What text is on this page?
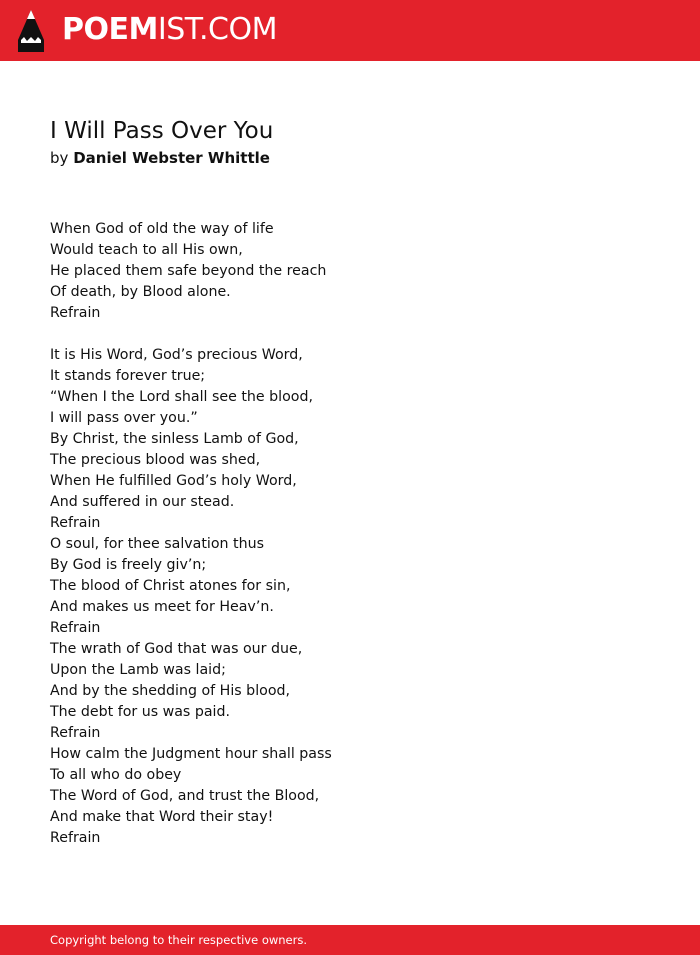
POEMIST.COM
I Will Pass Over You
by Daniel Webster Whittle
When God of old the way of life
Would teach to all His own,
He placed them safe beyond the reach
Of death, by Blood alone.
Refrain
It is His Word, God’s precious Word,
It stands forever true;
“When I the Lord shall see the blood,
I will pass over you.”
By Christ, the sinless Lamb of God,
The precious blood was shed,
When He fulfilled God’s holy Word,
And suffered in our stead.
Refrain
O soul, for thee salvation thus
By God is freely giv’n;
The blood of Christ atones for sin,
And makes us meet for Heav’n.
Refrain
The wrath of God that was our due,
Upon the Lamb was laid;
And by the shedding of His blood,
The debt for us was paid.
Refrain
How calm the Judgment hour shall pass
To all who do obey
The Word of God, and trust the Blood,
And make that Word their stay!
Refrain
Copyright belong to their respective owners.
